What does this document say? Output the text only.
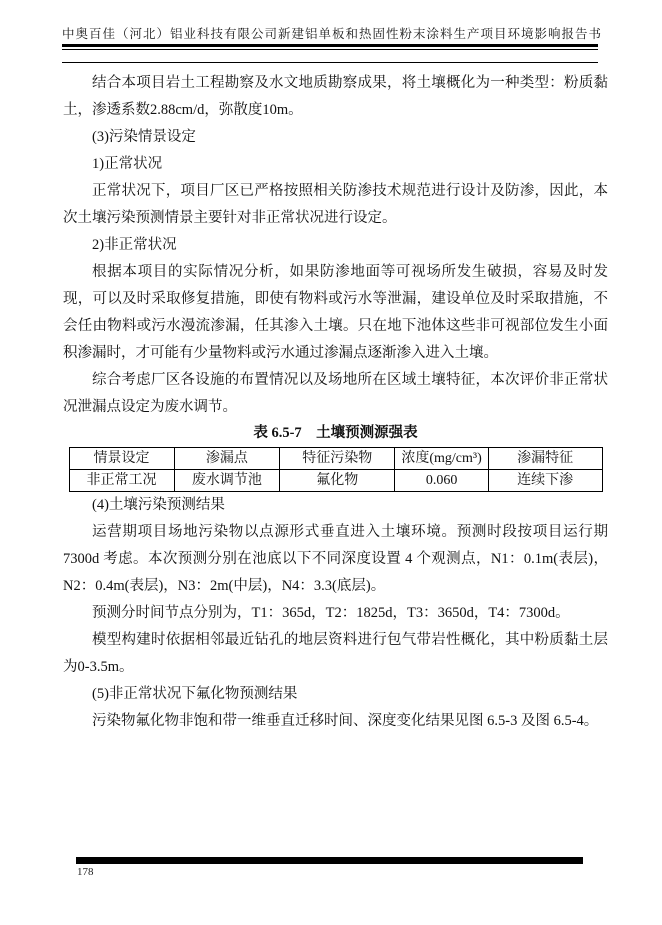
中奥百佳（河北）铝业科技有限公司新建铝单板和热固性粉末涂料生产项目环境影响报告书

结合本项目岩土工程勘察及水文地质勘察成果，将土壤概化为一种类型：粉质黏土，渗透系数2.88cm/d，弥散度10m。

(3)污染情景设定

1)正常状况

正常状况下，项目厂区已严格按照相关防渗技术规范进行设计及防渗，因此，本次土壤污染预测情景主要针对非正常状况进行设定。

2)非正常状况

根据本项目的实际情况分析，如果防渗地面等可视场所发生破损，容易及时发现，可以及时采取修复措施，即使有物料或污水等泄漏，建设单位及时采取措施，不会任由物料或污水漫流渗漏，任其渗入土壤。只在地下池体这些非可视部位发生小面积渗漏时，才可能有少量物料或污水通过渗漏点逐渐渗入进入土壤。

综合考虑厂区各设施的布置情况以及场地所在区域土壤特征，本次评价非正常状况泄漏点设定为废水调节。

表 6.5-7　土壤预测源强表

情景设定	渗漏点	特征污染物	浓度(mg/cm³)	渗漏特征
非正常工况	废水调节池	氟化物	0.060	连续下渗

(4)土壤污染预测结果

运营期项目场地污染物以点源形式垂直进入土壤环境。预测时段按项目运行期7300d 考虑。本次预测分别在池底以下不同深度设置 4 个观测点，N1：0.1m(表层)，N2：0.4m(表层)，N3：2m(中层)，N4：3.3(底层)。

预测分时间节点分别为，T1：365d，T2：1825d，T3：3650d，T4：7300d。

模型构建时依据相邻最近钻孔的地层资料进行包气带岩性概化，其中粉质黏土层为0-3.5m。

(5)非正常状况下氟化物预测结果

污染物氟化物非饱和带一维垂直迁移时间、深度变化结果见图 6.5-3 及图 6.5-4。

178
